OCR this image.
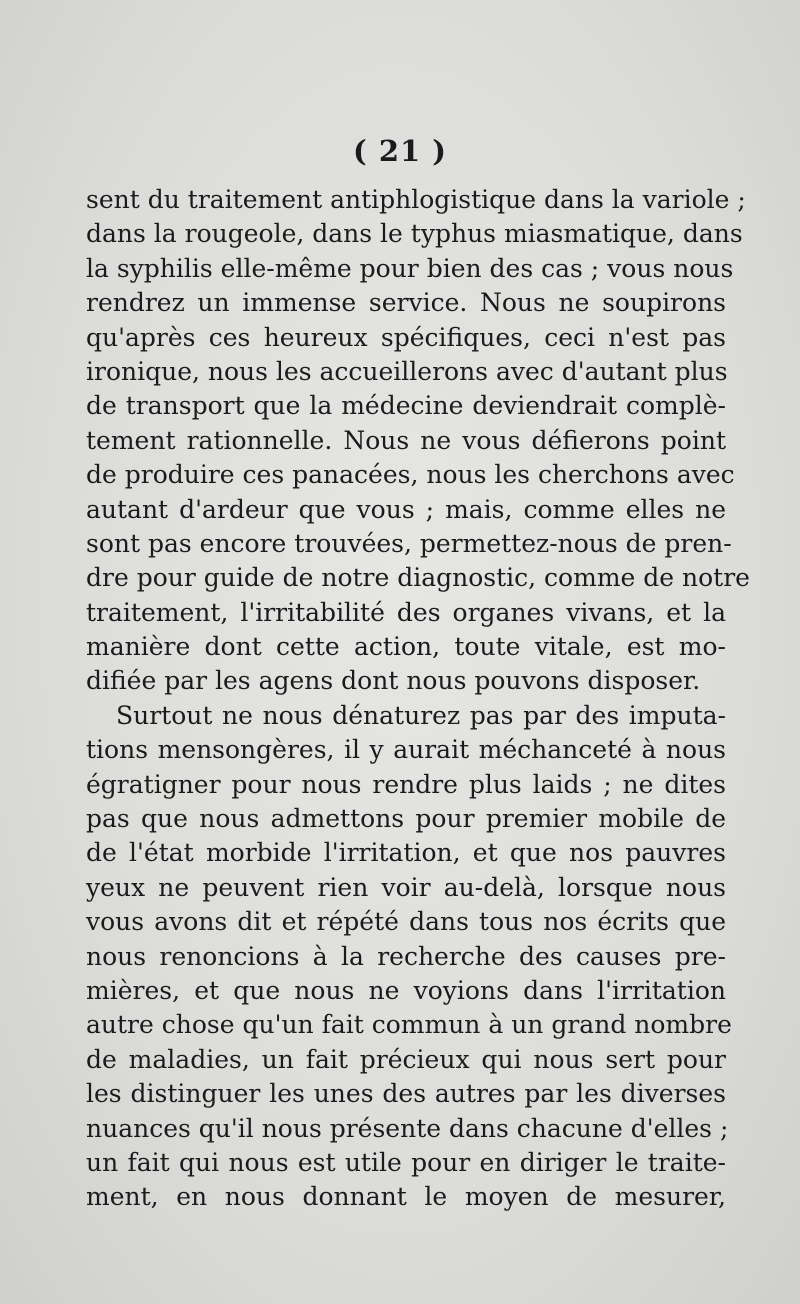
( 21 )
sent du traitement antiphlogistique dans la variole ;
dans la rougeole, dans le typhus miasmatique, dans
la syphilis elle-même pour bien des cas ; vous nous
rendrez un immense service. Nous ne soupirons
qu'après ces heureux spécifiques, ceci n'est pas
ironique, nous les accueillerons avec d'autant plus
de transport que la médecine deviendrait complè-
tement rationnelle. Nous ne vous défierons point
de produire ces panacées, nous les cherchons avec
autant d'ardeur que vous ; mais, comme elles ne
sont pas encore trouvées, permettez-nous de pren-
dre pour guide de notre diagnostic, comme de notre
traitement, l'irritabilité des organes vivans, et la
manière dont cette action, toute vitale, est mo-
difiée par les agens dont nous pouvons disposer.
Surtout ne nous dénaturez pas par des imputa-
tions mensongères, il y aurait méchanceté à nous
égratigner pour nous rendre plus laids ; ne dites
pas que nous admettons pour premier mobile de
de l'état morbide l'irritation, et que nos pauvres
yeux ne peuvent rien voir au-delà, lorsque nous
vous avons dit et répété dans tous nos écrits que
nous renoncions à la recherche des causes pre-
mières, et que nous ne voyions dans l'irritation
autre chose qu'un fait commun à un grand nombre
de maladies, un fait précieux qui nous sert pour
les distinguer les unes des autres par les diverses
nuances qu'il nous présente dans chacune d'elles ;
un fait qui nous est utile pour en diriger le traite-
ment, en nous donnant le moyen de mesurer,
